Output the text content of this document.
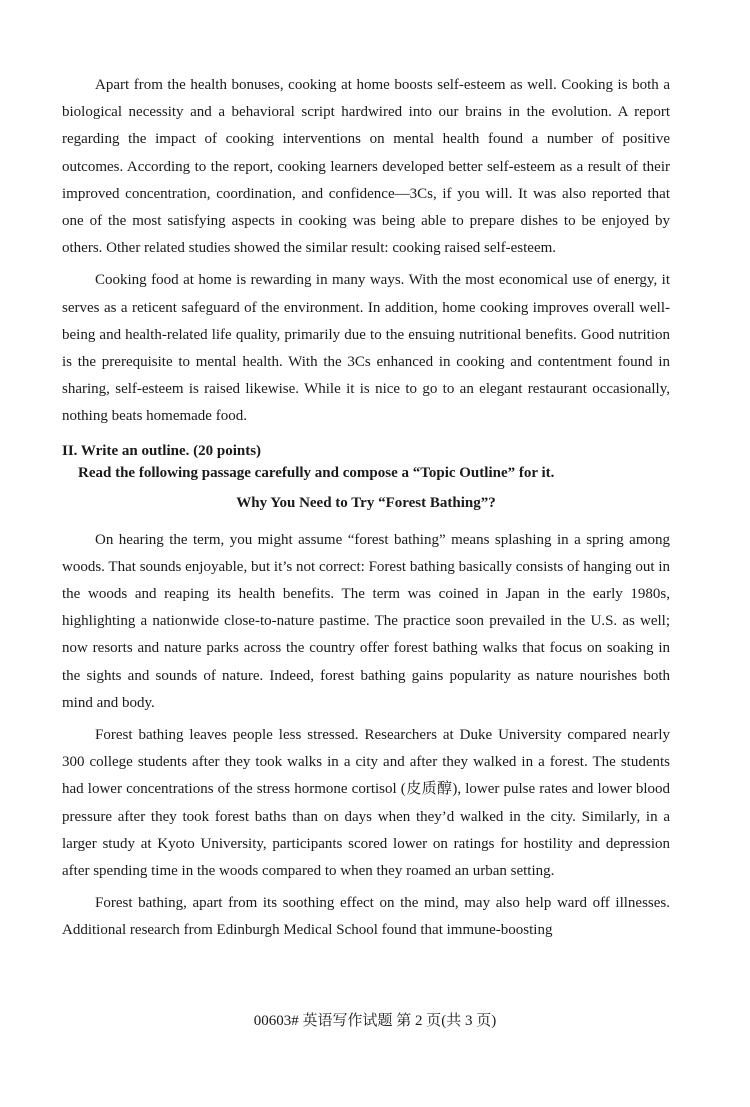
Apart from the health bonuses, cooking at home boosts self-esteem as well. Cooking is both a biological necessity and a behavioral script hardwired into our brains in the evolution. A report regarding the impact of cooking interventions on mental health found a number of positive outcomes. According to the report, cooking learners developed better self-esteem as a result of their improved concentration, coordination, and confidence—3Cs, if you will. It was also reported that one of the most satisfying aspects in cooking was being able to prepare dishes to be enjoyed by others. Other related studies showed the similar result: cooking raised self-esteem.

Cooking food at home is rewarding in many ways. With the most economical use of energy, it serves as a reticent safeguard of the environment. In addition, home cooking improves overall well-being and health-related life quality, primarily due to the ensuing nutritional benefits. Good nutrition is the prerequisite to mental health. With the 3Cs enhanced in cooking and contentment found in sharing, self-esteem is raised likewise. While it is nice to go to an elegant restaurant occasionally, nothing beats homemade food.

II. Write an outline. (20 points)
Read the following passage carefully and compose a “Topic Outline” for it.
Why You Need to Try “Forest Bathing”?

On hearing the term, you might assume “forest bathing” means splashing in a spring among woods. That sounds enjoyable, but it’s not correct: Forest bathing basically consists of hanging out in the woods and reaping its health benefits. The term was coined in Japan in the early 1980s, highlighting a nationwide close-to-nature pastime. The practice soon prevailed in the U.S. as well; now resorts and nature parks across the country offer forest bathing walks that focus on soaking in the sights and sounds of nature. Indeed, forest bathing gains popularity as nature nourishes both mind and body.

Forest bathing leaves people less stressed. Researchers at Duke University compared nearly 300 college students after they took walks in a city and after they walked in a forest. The students had lower concentrations of the stress hormone cortisol (皮质醇), lower pulse rates and lower blood pressure after they took forest baths than on days when they’d walked in the city. Similarly, in a larger study at Kyoto University, participants scored lower on ratings for hostility and depression after spending time in the woods compared to when they roamed an urban setting.

Forest bathing, apart from its soothing effect on the mind, may also help ward off illnesses. Additional research from Edinburgh Medical School found that immune-boosting

00603# 英语写作试题 第 2 页(共 3 页)
